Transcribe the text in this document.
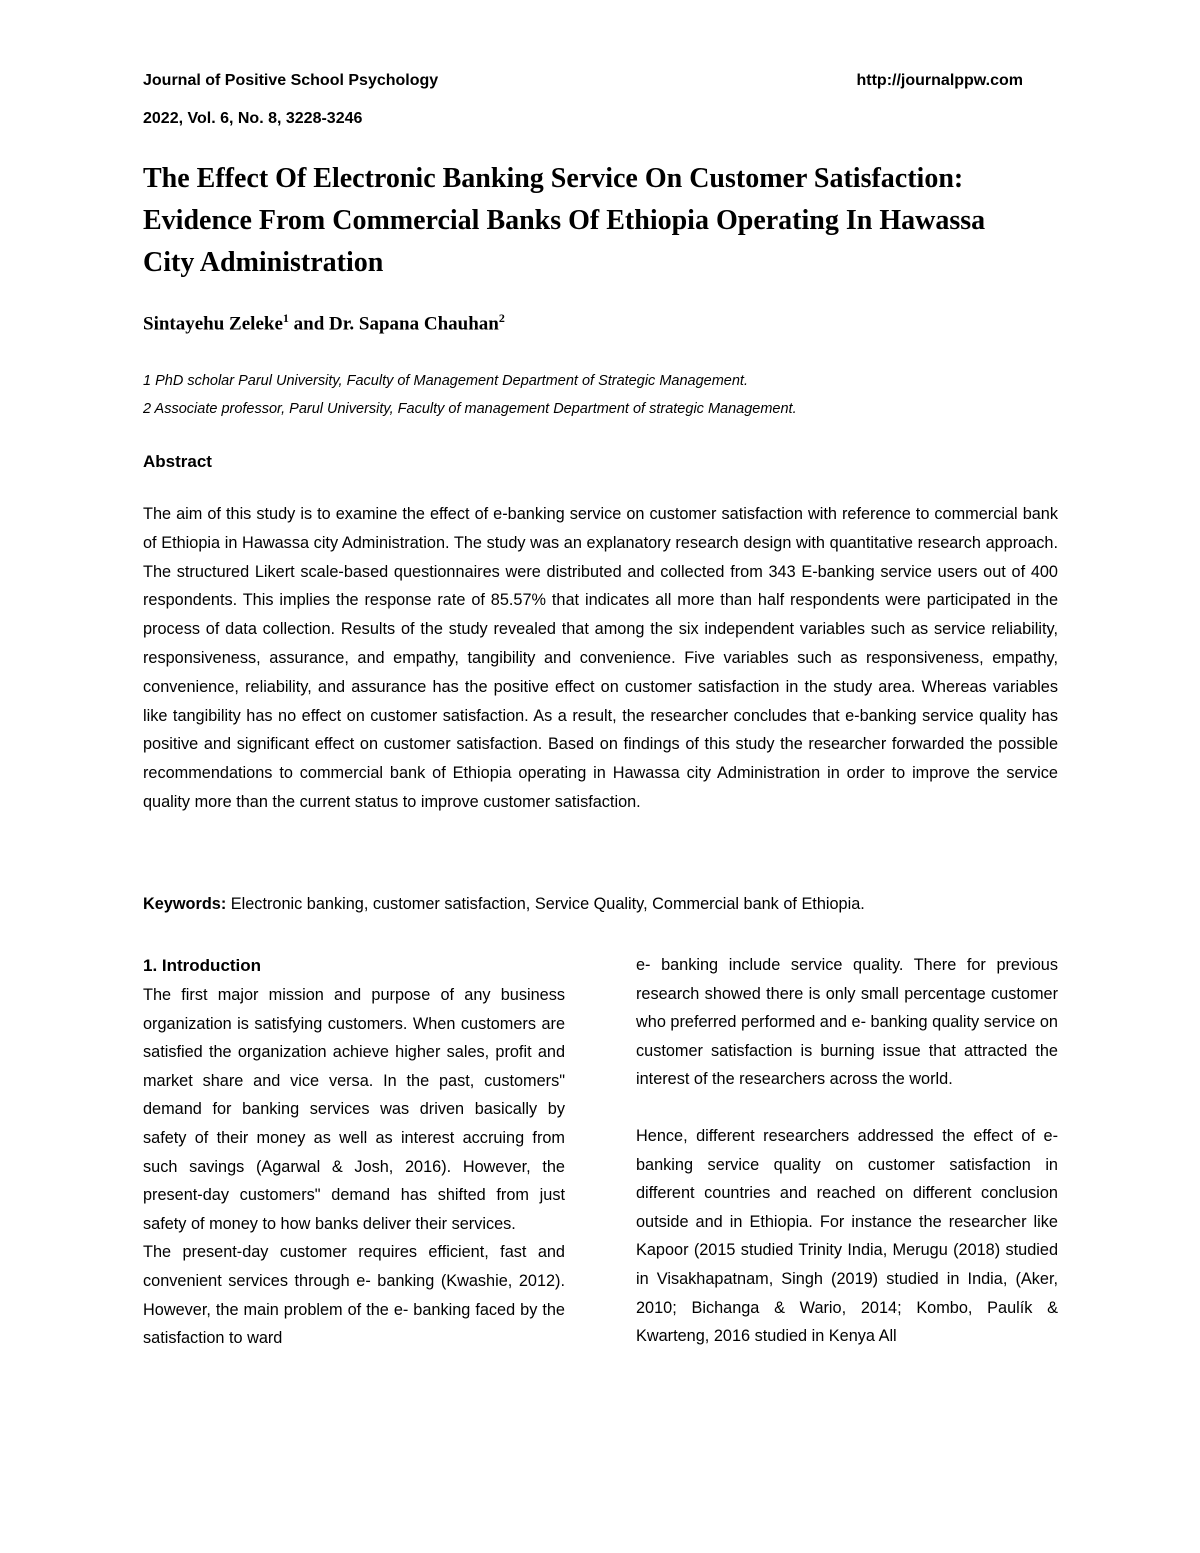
Journal of Positive School Psychology	http://journalppw.com
2022, Vol. 6, No. 8, 3228-3246
The Effect Of Electronic Banking Service On Customer Satisfaction: Evidence From Commercial Banks Of Ethiopia Operating In Hawassa City Administration
Sintayehu Zeleke$^1$ and Dr. Sapana Chauhan$^2$
1 PhD scholar Parul University, Faculty of Management Department of Strategic Management.
2 Associate professor, Parul University, Faculty of management Department of strategic Management.
Abstract

The aim of this study is to examine the effect of e-banking service on customer satisfaction with reference to commercial bank of Ethiopia in Hawassa city Administration. The study was an explanatory research design with quantitative research approach. The structured Likert scale-based questionnaires were distributed and collected from 343 E-banking service users out of 400 respondents. This implies the response rate of 85.57% that indicates all more than half respondents were participated in the process of data collection. Results of the study revealed that among the six independent variables such as service reliability, responsiveness, assurance, and empathy, tangibility and convenience. Five variables such as responsiveness, empathy, convenience, reliability, and assurance has the positive effect on customer satisfaction in the study area. Whereas variables like tangibility has no effect on customer satisfaction. As a result, the researcher concludes that e-banking service quality has positive and significant effect on customer satisfaction. Based on findings of this study the researcher forwarded the possible recommendations to commercial bank of Ethiopia operating in Hawassa city Administration in order to improve the service quality more than the current status to improve customer satisfaction.

Keywords: Electronic banking, customer satisfaction, Service Quality, Commercial bank of Ethiopia.
1. Introduction

The first major mission and purpose of any business organization is satisfying customers. When customers are satisfied the organization achieve higher sales, profit and market share and vice versa. In the past, customers" demand for banking services was driven basically by safety of their money as well as interest accruing from such savings (Agarwal & Josh, 2016). However, the present-day customers" demand has shifted from just safety of money to how banks deliver their services.

The present-day customer requires efficient, fast and convenient services through e- banking (Kwashie, 2012). However, the main problem of the e- banking faced by the satisfaction to ward

e- banking include service quality. There for previous research showed there is only small percentage customer who preferred performed and e- banking quality service on customer satisfaction is burning issue that attracted the interest of the researchers across the world.

Hence, different researchers addressed the effect of e- banking service quality on customer satisfaction in different countries and reached on different conclusion outside and in Ethiopia. For instance the researcher like Kapoor (2015 studied Trinity India, Merugu (2018) studied in Visakhapatnam, Singh (2019) studied in India, (Aker, 2010; Bichanga & Wario, 2014; Kombo, Paulík & Kwarteng, 2016 studied in Kenya All
